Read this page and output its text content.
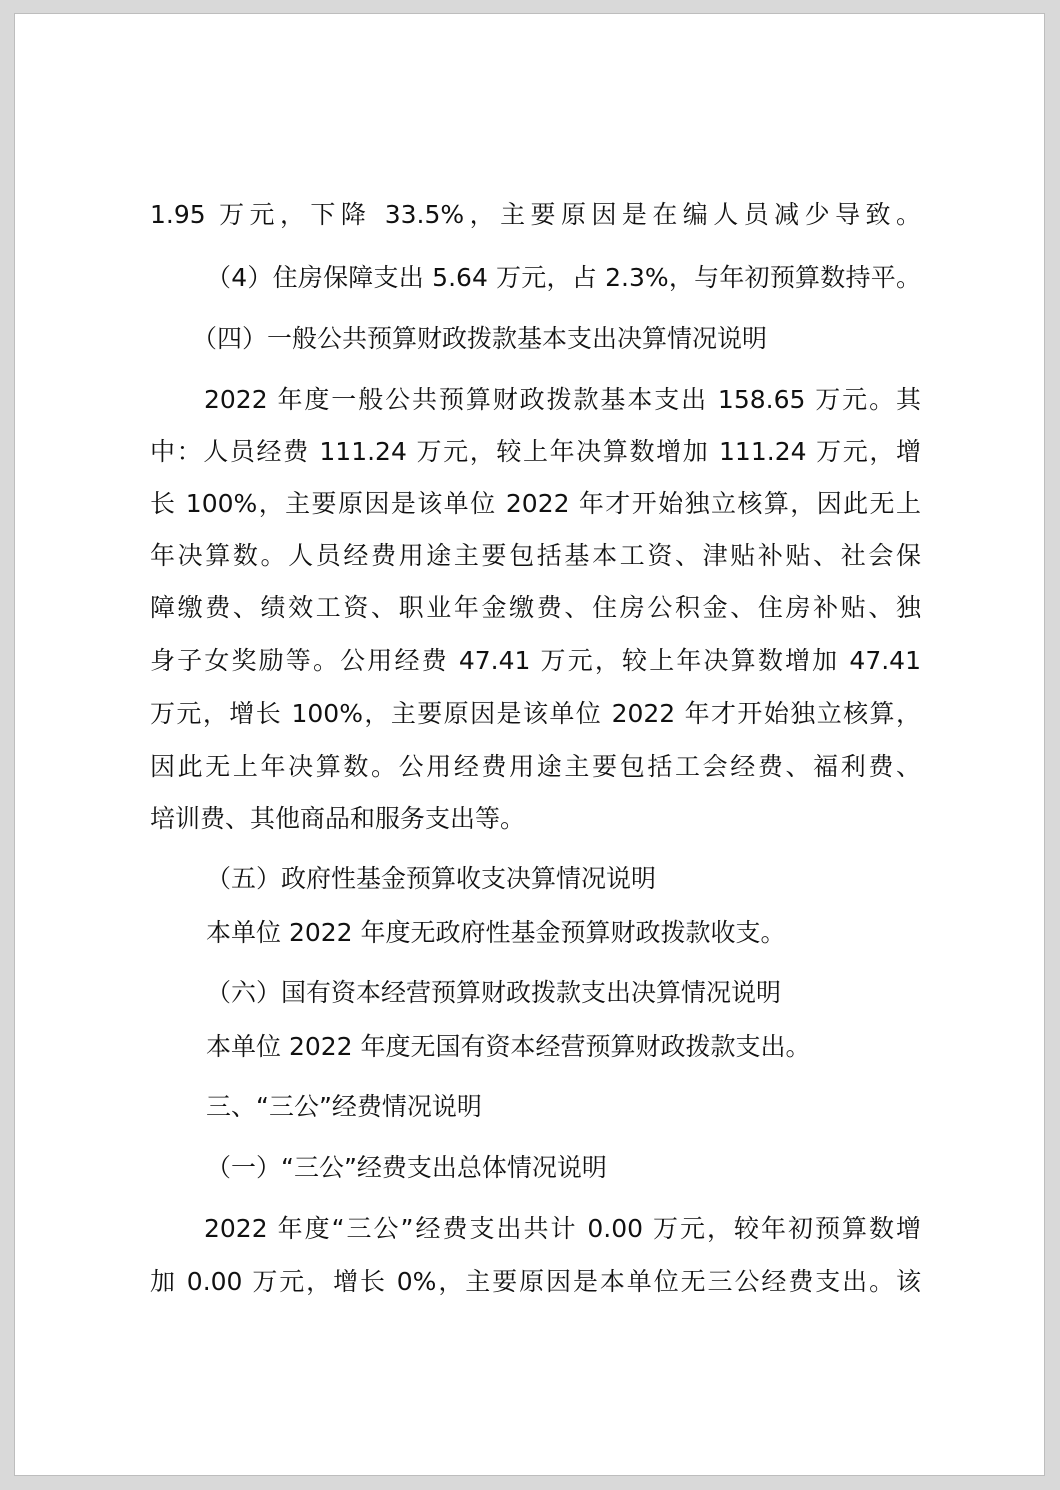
1.95 万元，下降 33.5%，主要原因是在编人员减少导致。
（4）住房保障支出 5.64 万元，占 2.3%，与年初预算数持平。
（四）一般公共预算财政拨款基本支出决算情况说明
2022 年度一般公共预算财政拨款基本支出 158.65 万元。其
中：人员经费 111.24 万元，较上年决算数增加 111.24 万元，增
长 100%，主要原因是该单位 2022 年才开始独立核算，因此无上
年决算数。人员经费用途主要包括基本工资、津贴补贴、社会保
障缴费、绩效工资、职业年金缴费、住房公积金、住房补贴、独
身子女奖励等。公用经费 47.41 万元，较上年决算数增加 47.41
万元，增长 100%，主要原因是该单位 2022 年才开始独立核算，
因此无上年决算数。公用经费用途主要包括工会经费、福利费、
培训费、其他商品和服务支出等。
（五）政府性基金预算收支决算情况说明
本单位 2022 年度无政府性基金预算财政拨款收支。
（六）国有资本经营预算财政拨款支出决算情况说明
本单位 2022 年度无国有资本经营预算财政拨款支出。
三、“三公”经费情况说明
（一）“三公”经费支出总体情况说明
2022 年度“三公”经费支出共计 0.00 万元，较年初预算数增
加 0.00 万元，增长 0%，主要原因是本单位无三公经费支出。该
